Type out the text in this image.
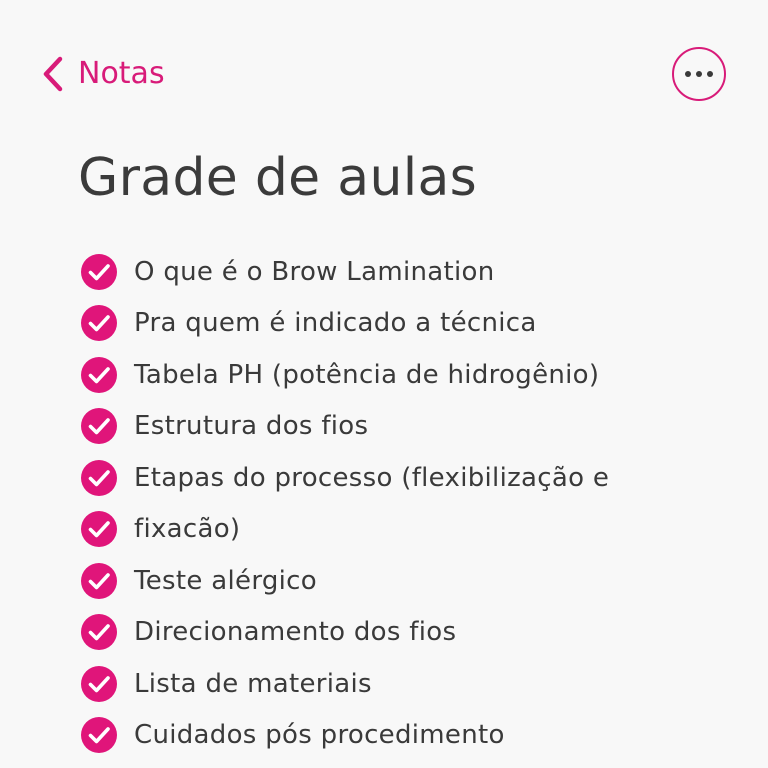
Notas
Grade de aulas
O que é o Brow Lamination
Pra quem é indicado a técnica
Tabela PH (potência de hidrogênio)
Estrutura dos fios
Etapas do processo (flexibilização e
fixacão)
Teste alérgico
Direcionamento dos fios
Lista de materiais
Cuidados pós procedimento
